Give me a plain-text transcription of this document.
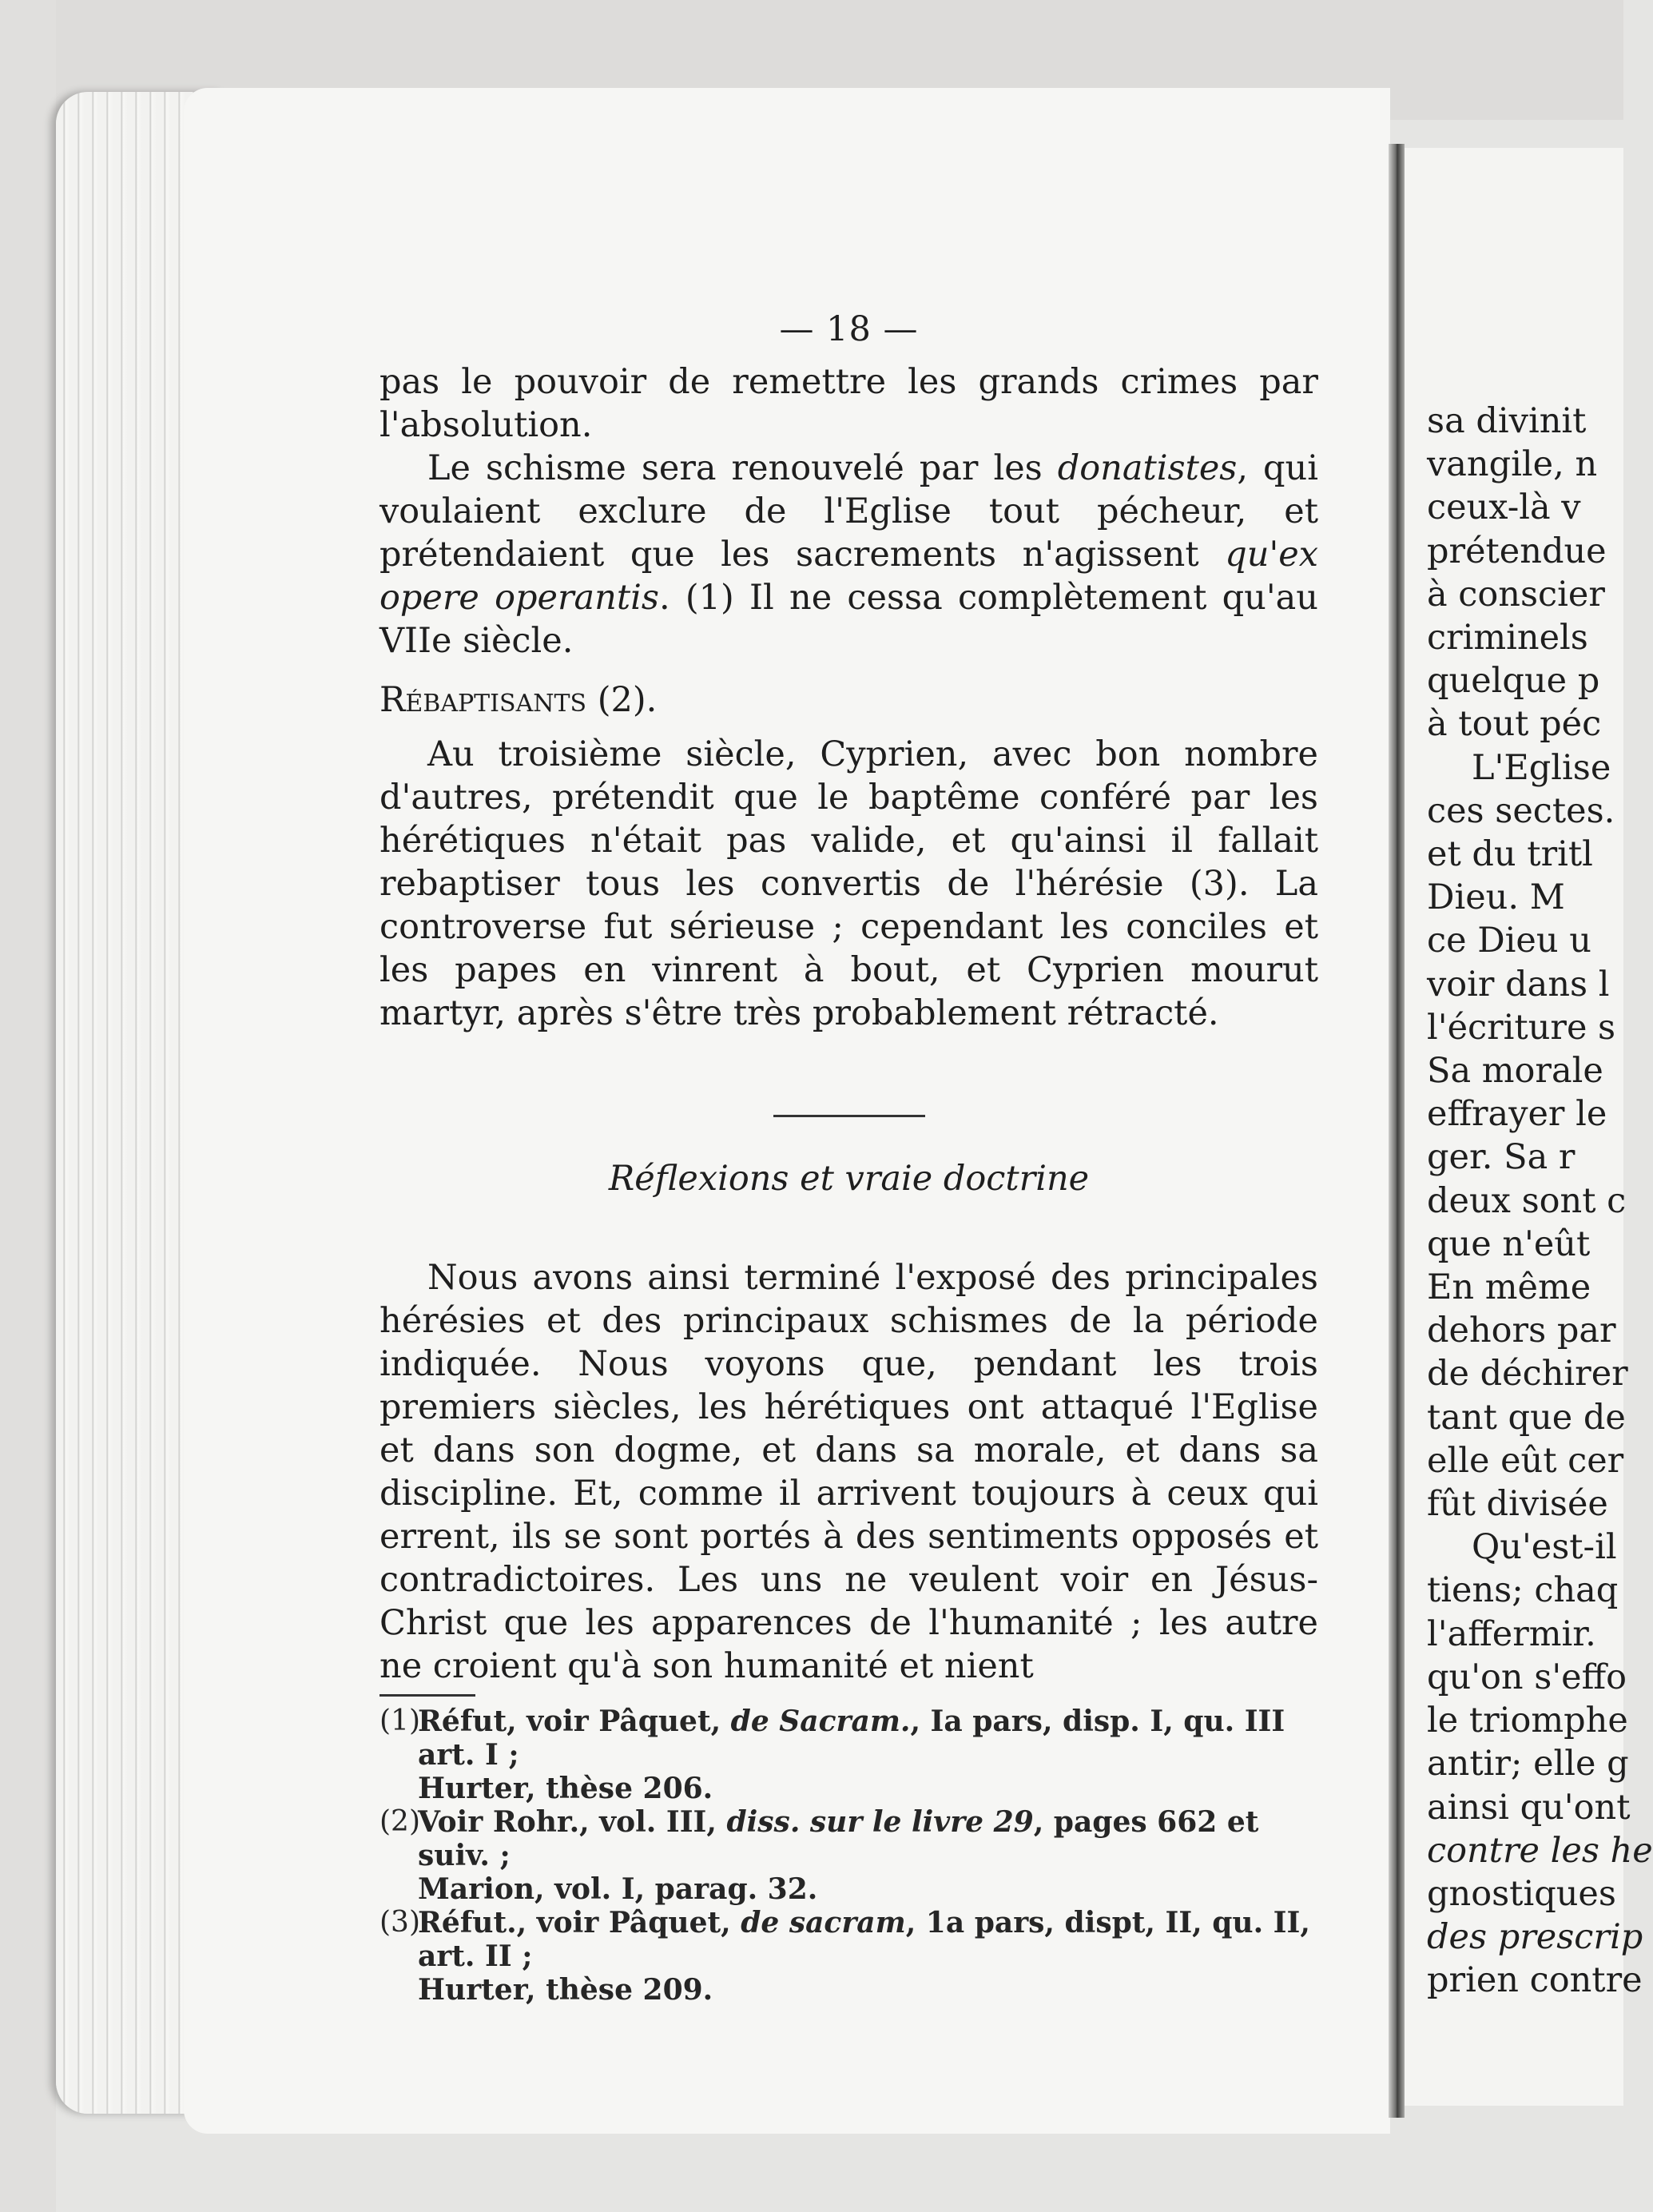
sa divinit
vangile, n
ceux-là v
prétendue
à conscier
criminels
quelque p
à tout péc
L'Eglise
ces sectes.
et du tritl
Dieu. M
ce Dieu u
voir dans l
l'écriture s
Sa morale
effrayer le
ger. Sa r
deux sont c
que n'eût
En même
dehors par
de déchirer
tant que de
elle eût cer
fût divisée
Qu'est-il
tiens; chaq
l'affermir.
qu'on s'effo
le triomphe
antir; elle g
ainsi qu'ont
contre les he
gnostiques
des prescrip
prien contre
— 18 —

pas le pouvoir de remettre les grands crimes par l'absolution.

Le schisme sera renouvelé par les donatistes, qui voulaient exclure de l'Eglise tout pécheur, et prétendaient que les sacrements n'agissent qu'ex opere operantis. (1) Il ne cessa complètement qu'au VIIe siècle.

Rébaptisants (2).

Au troisième siècle, Cyprien, avec bon nombre d'autres, prétendit que le baptême conféré par les hérétiques n'était pas valide, et qu'ainsi il fallait rebaptiser tous les convertis de l'hérésie (3). La controverse fut sérieuse ; cependant les conciles et les papes en vinrent à bout, et Cyprien mourut martyr, après s'être très probablement rétracté.

Réflexions et vraie doctrine

Nous avons ainsi terminé l'exposé des principales hérésies et des principaux schismes de la période indiquée. Nous voyons que, pendant les trois premiers siècles, les hérétiques ont attaqué l'Eglise et dans son dogme, et dans sa morale, et dans sa discipline. Et, comme il arrivent toujours à ceux qui errent, ils se sont portés à des sentiments opposés et contradictoires. Les uns ne veulent voir en Jésus-Christ que les apparences de l'humanité ; les autre ne croient qu'à son humanité et nient

(1)
Réfut, voir Pâquet, de Sacram., Ia pars, disp. I, qu. III art. I ;
Hurter, thèse 206.
(2)
Voir Rohr., vol. III, diss. sur le livre 29, pages 662 et suiv. ;
Marion, vol. I, parag. 32.
(3)
Réfut., voir Pâquet, de sacram, 1a pars, dispt, II, qu. II, art. II ;
Hurter, thèse 209.
